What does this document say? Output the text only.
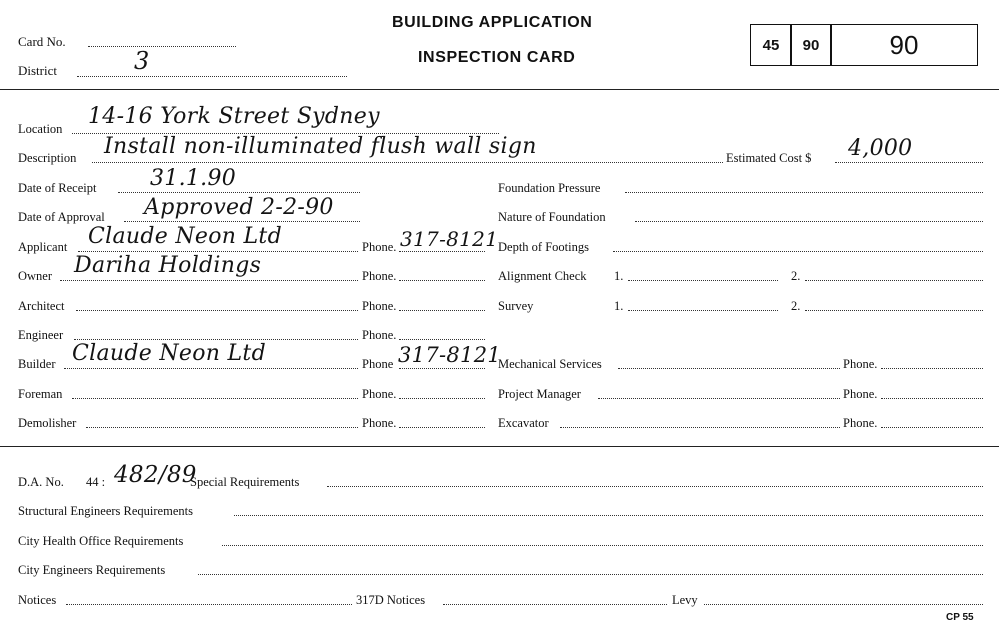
Card No.
District	3
BUILDING APPLICATION
INSPECTION CARD
45	90	90
Location 14-16 York Street Sydney
Description Install non-illuminated flush wall sign	Estimated Cost $ 4,000
Date of Receipt 31.1.90
Date of Approval Approved 2-2-90
Applicant Claude Neon Ltd	Phone. 317-8121
Owner Dariha Holdings	Phone.
Architect	Phone.
Engineer	Phone.
Builder Claude Neon Ltd	Phone 317-8121
Foreman	Phone.
Demolisher	Phone.
Foundation Pressure
Nature of Foundation
Depth of Footings
Alignment Check 1.	2.
Survey	1.	2.
Mechanical Services	Phone.
Project Manager	Phone.
Excavator	Phone.
D.A. No. 44 : 482/89
Special Requirements
Structural Engineers Requirements
City Health Office Requirements
City Engineers Requirements
Notices	317D Notices	Levy
CP 55
